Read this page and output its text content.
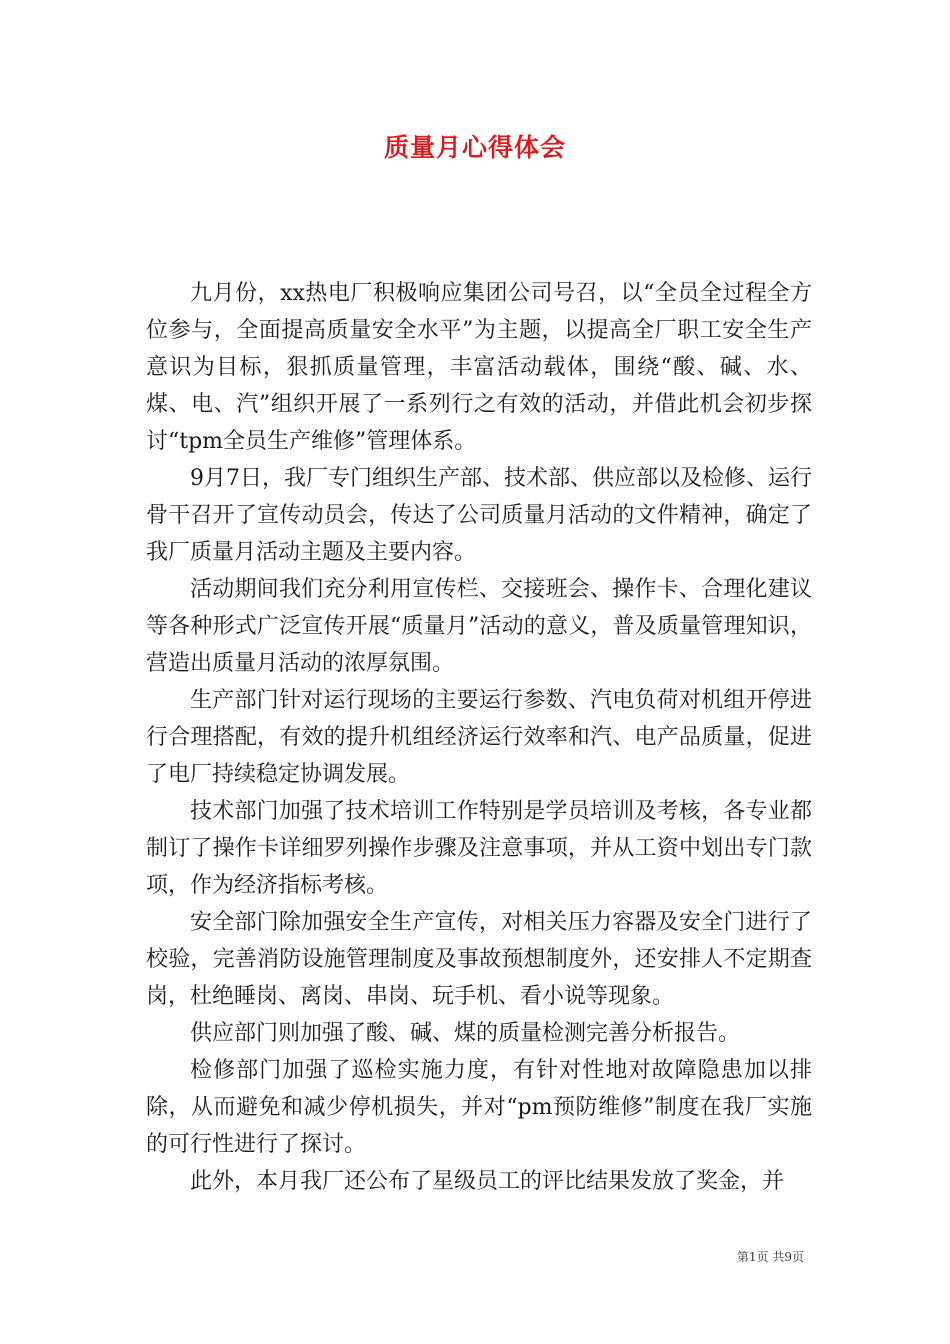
质量月心得体会

九月份，xx热电厂积极响应集团公司号召，以“全员全过程全方位参与，全面提高质量安全水平”为主题，以提高全厂职工安全生产意识为目标，狠抓质量管理，丰富活动载体，围绕“酸、碱、水、煤、电、汽”组织开展了一系列行之有效的活动，并借此机会初步探讨“tpm全员生产维修”管理体系。

9月7日，我厂专门组织生产部、技术部、供应部以及检修、运行骨干召开了宣传动员会，传达了公司质量月活动的文件精神，确定了我厂质量月活动主题及主要内容。

活动期间我们充分利用宣传栏、交接班会、操作卡、合理化建议等各种形式广泛宣传开展“质量月”活动的意义，普及质量管理知识，营造出质量月活动的浓厚氛围。

生产部门针对运行现场的主要运行参数、汽电负荷对机组开停进行合理搭配，有效的提升机组经济运行效率和汽、电产品质量，促进了电厂持续稳定协调发展。

技术部门加强了技术培训工作特别是学员培训及考核，各专业都制订了操作卡详细罗列操作步骤及注意事项，并从工资中划出专门款项，作为经济指标考核。

安全部门除加强安全生产宣传，对相关压力容器及安全门进行了校验，完善消防设施管理制度及事故预想制度外，还安排人不定期查岗，杜绝睡岗、离岗、串岗、玩手机、看小说等现象。

供应部门则加强了酸、碱、煤的质量检测完善分析报告。

检修部门加强了巡检实施力度，有针对性地对故障隐患加以排除，从而避免和减少停机损失，并对“pm预防维修”制度在我厂实施的可行性进行了探讨。

此外，本月我厂还公布了星级员工的评比结果发放了奖金，并

第1页 共9页
